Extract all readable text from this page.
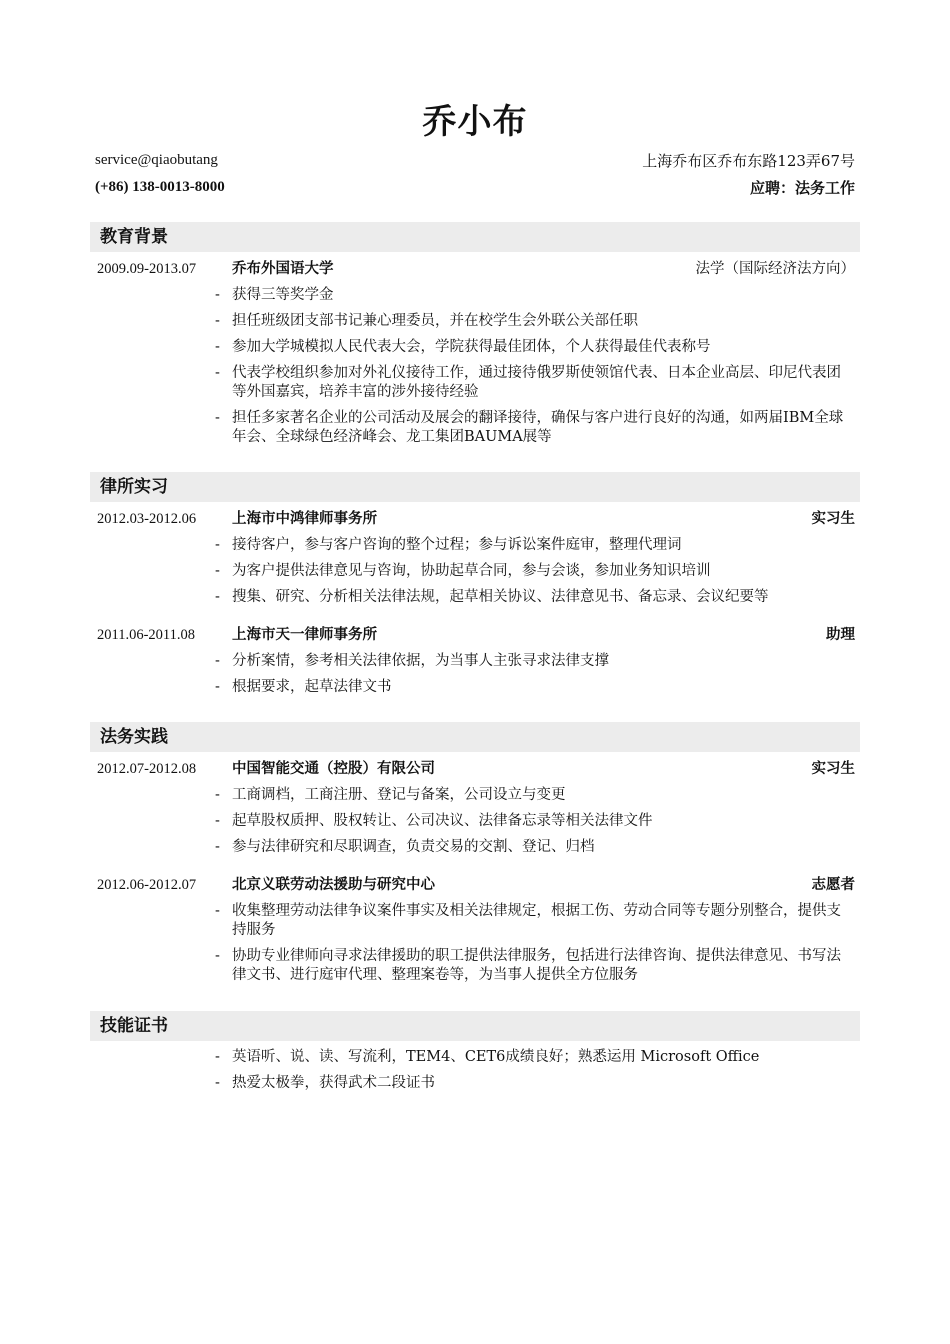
乔小布
service@qiaobutang	上海乔布区乔布东路123弄67号
(+86) 138-0013-8000	应聘：法务工作
教育背景
2009.09-2013.07 乔布外国语大学	法学（国际经济法方向）
- 获得三等奖学金
- 担任班级团支部书记兼心理委员，并在校学生会外联公关部任职
- 参加大学城模拟人民代表大会，学院获得最佳团体，个人获得最佳代表称号
- 代表学校组织参加对外礼仪接待工作，通过接待俄罗斯使领馆代表、日本企业高层、印尼代表团等外国嘉宾，培养丰富的涉外接待经验
- 担任多家著名企业的公司活动及展会的翻译接待，确保与客户进行良好的沟通，如两届IBM全球年会、全球绿色经济峰会、龙工集团BAUMA展等
律所实习
2012.03-2012.06 上海市中鸿律师事务所	实习生
- 接待客户，参与客户咨询的整个过程；参与诉讼案件庭审，整理代理词
- 为客户提供法律意见与咨询，协助起草合同，参与会谈，参加业务知识培训
- 搜集、研究、分析相关法律法规，起草相关协议、法律意见书、备忘录、会议纪要等
2011.06-2011.08	上海市天一律师事务所	助理
- 分析案情，参考相关法律依据，为当事人主张寻求法律支撑
- 根据要求，起草法律文书
法务实践
2012.07-2012.08 中国智能交通（控股）有限公司	实习生
- 工商调档，工商注册、登记与备案，公司设立与变更
- 起草股权质押、股权转让、公司决议、法律备忘录等相关法律文件
- 参与法律研究和尽职调查，负责交易的交割、登记、归档
2012.06-2012.07 北京义联劳动法援助与研究中心	志愿者
- 收集整理劳动法律争议案件事实及相关法律规定，根据工伤、劳动合同等专题分别整合，提供支持服务
- 协助专业律师向寻求法律援助的职工提供法律服务，包括进行法律咨询、提供法律意见、书写法律文书、进行庭审代理、整理案卷等，为当事人提供全方位服务
技能证书
- 英语听、说、读、写流利，TEM4、CET6成绩良好；熟悉运用 Microsoft Office
- 热爱太极拳，获得武术二段证书
